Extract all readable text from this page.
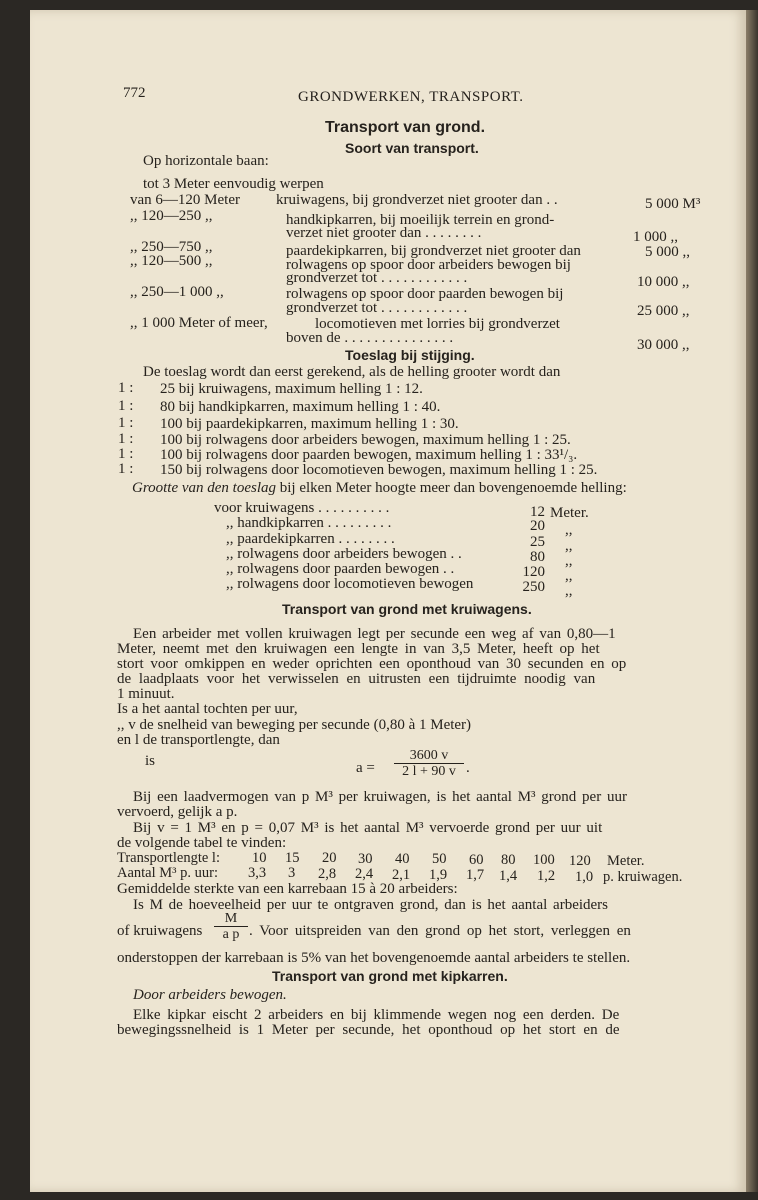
772	GRONDWERKEN, TRANSPORT.
Transport van grond.
Soort van transport.
Op horizontale baan:
tot 3 Meter eenvoudig werpen
van 6—120 Meter kruiwagens, bij grondverzet niet grooter dan . .	5 000 M³
,, 120—250 ,,	handkipkarren, bij moeilijk terrein en grond-
verzet niet grooter dan . . . . . . . .	1 000 ,,
,, 250—750 ,,	paardekipkarren, bij grondverzet niet grooter dan	5 000 ,,
,, 120—500 ,,	rolwagens op spoor door arbeiders bewogen bij
grondverzet tot . . . . . . . . . . . .	10 000 ,,
,, 250—1 000 ,,	rolwagens op spoor door paarden bewogen bij
grondverzet tot . . . . . . . . . . . .	25 000 ,,
,, 1 000 Meter of meer,	locomotieven met lorries bij grondverzet
boven de . . . . . . . . . . . . . . .	30 000 ,,
Toeslag bij stijging.
De toeslag wordt dan eerst gerekend, als de helling grooter wordt dan
1 : 25 bij kruiwagens, maximum helling 1 : 12.
1 : 80 bij handkipkarren, maximum helling 1 : 40.
1 : 100 bij paardekipkarren, maximum helling 1 : 30.
1 : 100 bij rolwagens door arbeiders bewogen, maximum helling 1 : 25.
1 : 100 bij rolwagens door paarden bewogen, maximum helling 1 : 33¹/₃.
1 : 150 bij rolwagens door locomotieven bewogen, maximum helling 1 : 25.
Grootte van den toeslag bij elken Meter hoogte meer dan bovengenoemde helling:
voor kruiwagens . . . . . . . . . .	12 Meter.
,, handkipkarren . . . . . . . . .	20 ,,
,, paardekipkarren . . . . . . . .	25 ,,
,, rolwagens door arbeiders bewogen . .	80 ,,
,, rolwagens door paarden bewogen . .	120 ,,
,, rolwagens door locomotieven bewogen	250 ,,
Transport van grond met kruiwagens.
Een arbeider met vollen kruiwagen legt per secunde een weg af van 0,80—1
Meter, neemt met den kruiwagen een lengte in van 3,5 Meter, heeft op het
stort voor omkippen en weder oprichten een oponthoud van 30 secunden en op
de laadplaats voor het verwisselen en uitrusten een tijdruimte noodig van
1 minuut.
Is a het aantal tochten per uur,
,, v de snelheid van beweging per secunde (0,80 à 1 Meter)
en l de transportlengte, dan
is	$a = \frac{3600 v}{2 l + 90 v}$ .
Bij een laadvermogen van p M³ per kruiwagen, is het aantal M³ grond per uur
vervoerd, gelijk a p.
Bij v = 1 M³ en p = 0,07 M³ is het aantal M³ vervoerde grond per uur uit
de volgende tabel te vinden:
Transportlengte l: 10 15 20 30 40 50 60 80 100 120 Meter.
Aantal M³ p. uur: 3,3 3 2,8 2,4 2,1 1,9 1,7 1,4 1,2 1,0 p. kruiwagen.
Gemiddelde sterkte van een karrebaan 15 à 20 arbeiders:
Is M de hoeveelheid per uur te ontgraven grond, dan is het aantal arbeiders
of kruiwagens $\frac{M}{\text{a p}}$ . Voor uitspreiden van den grond op het stort, verleggen en
onderstoppen der karrebaan is 5% van het bovengenoemde aantal arbeiders te stellen.
Transport van grond met kipkarren.
Door arbeiders bewogen.
Elke kipkar eischt 2 arbeiders en bij klimmende wegen nog een derden. De
bewegingssnelheid is 1 Meter per secunde, het oponthoud op het stort en de
